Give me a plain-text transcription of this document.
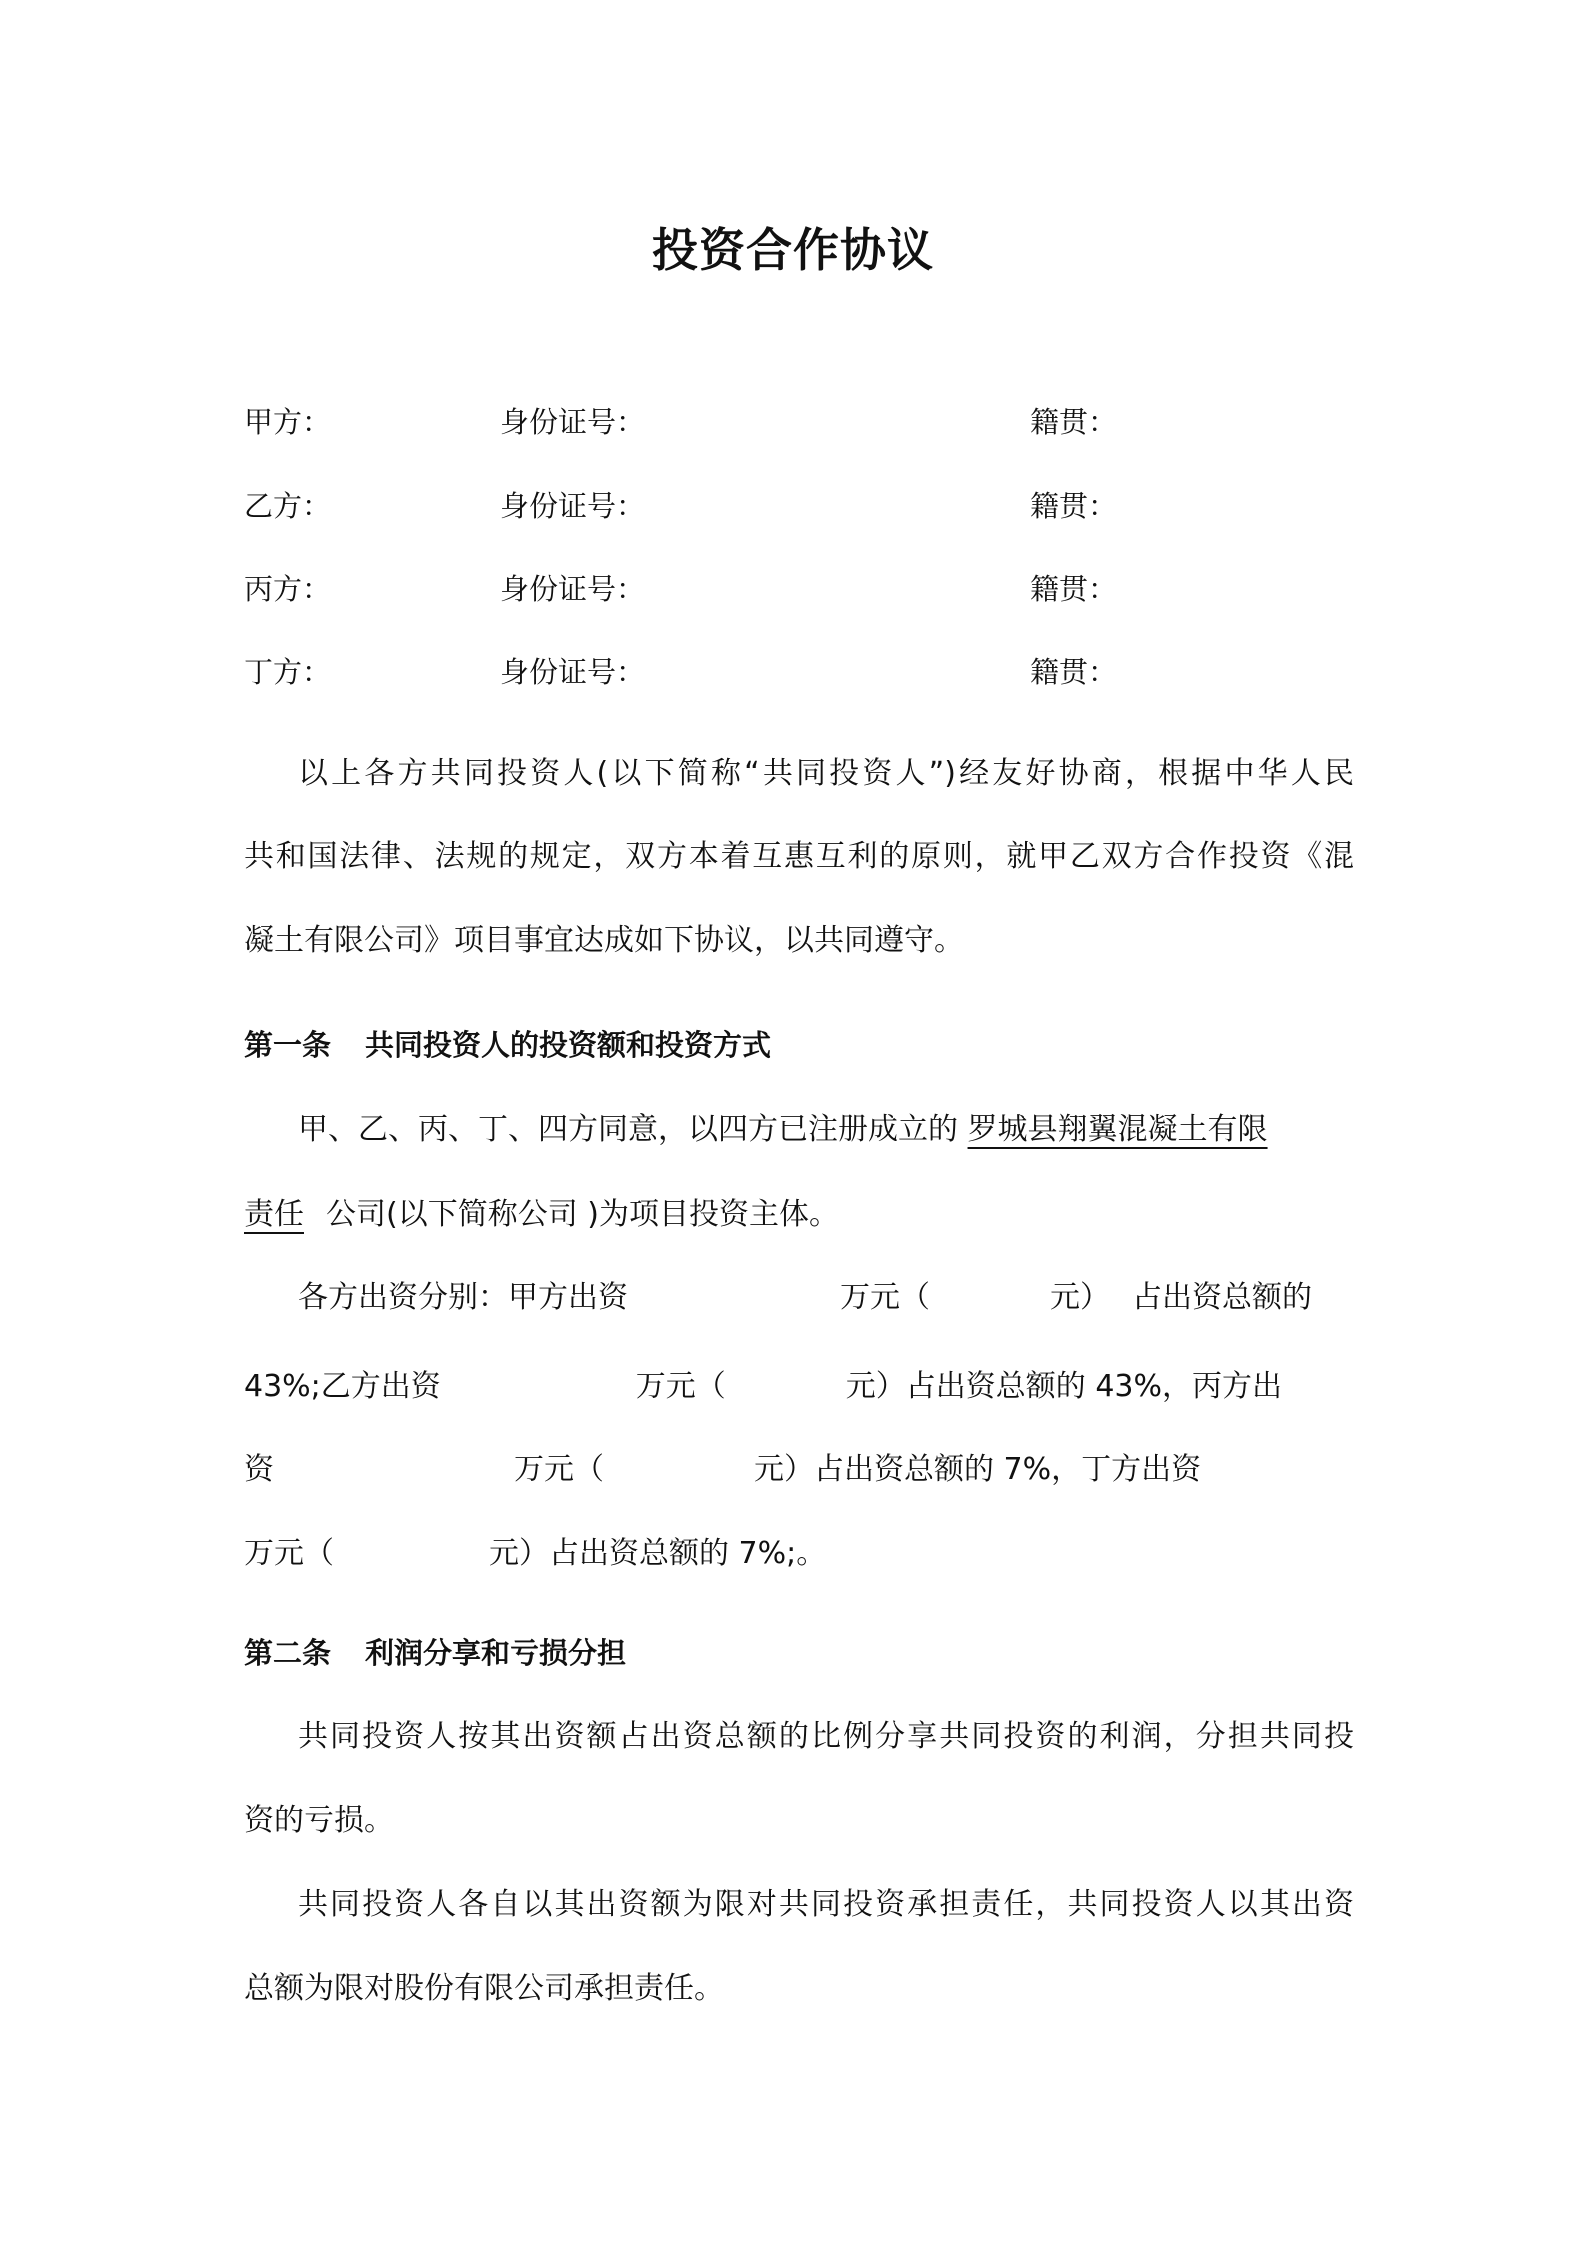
投资合作协议
甲方：	身份证号：	籍贯：
乙方：	身份证号：	籍贯：
丙方：	身份证号：	籍贯：
丁方：	身份证号：	籍贯：
以上各方共同投资人(以下简称“共同投资人”)经友好协商，根据中华人民
共和国法律、法规的规定，双方本着互惠互利的原则，就甲乙双方合作投资《混
凝土有限公司》项目事宜达成如下协议，以共同遵守。
第一条 共同投资人的投资额和投资方式
甲、乙、丙、丁、四方同意，以四方已注册成立的 罗城县翔翼混凝土有限
责任 公司(以下简称公司 )为项目投资主体。
各方出资分别：甲方出资	万元（	元） 占出资总额的
43%;乙方出资	万元（	元）占出资总额的 43%，丙方出
资	万元（	元）占出资总额的 7%，丁方出资
万元（	元）占出资总额的 7%;。
第二条 利润分享和亏损分担
共同投资人按其出资额占出资总额的比例分享共同投资的利润，分担共同投
资的亏损。
共同投资人各自以其出资额为限对共同投资承担责任，共同投资人以其出资
总额为限对股份有限公司承担责任。
